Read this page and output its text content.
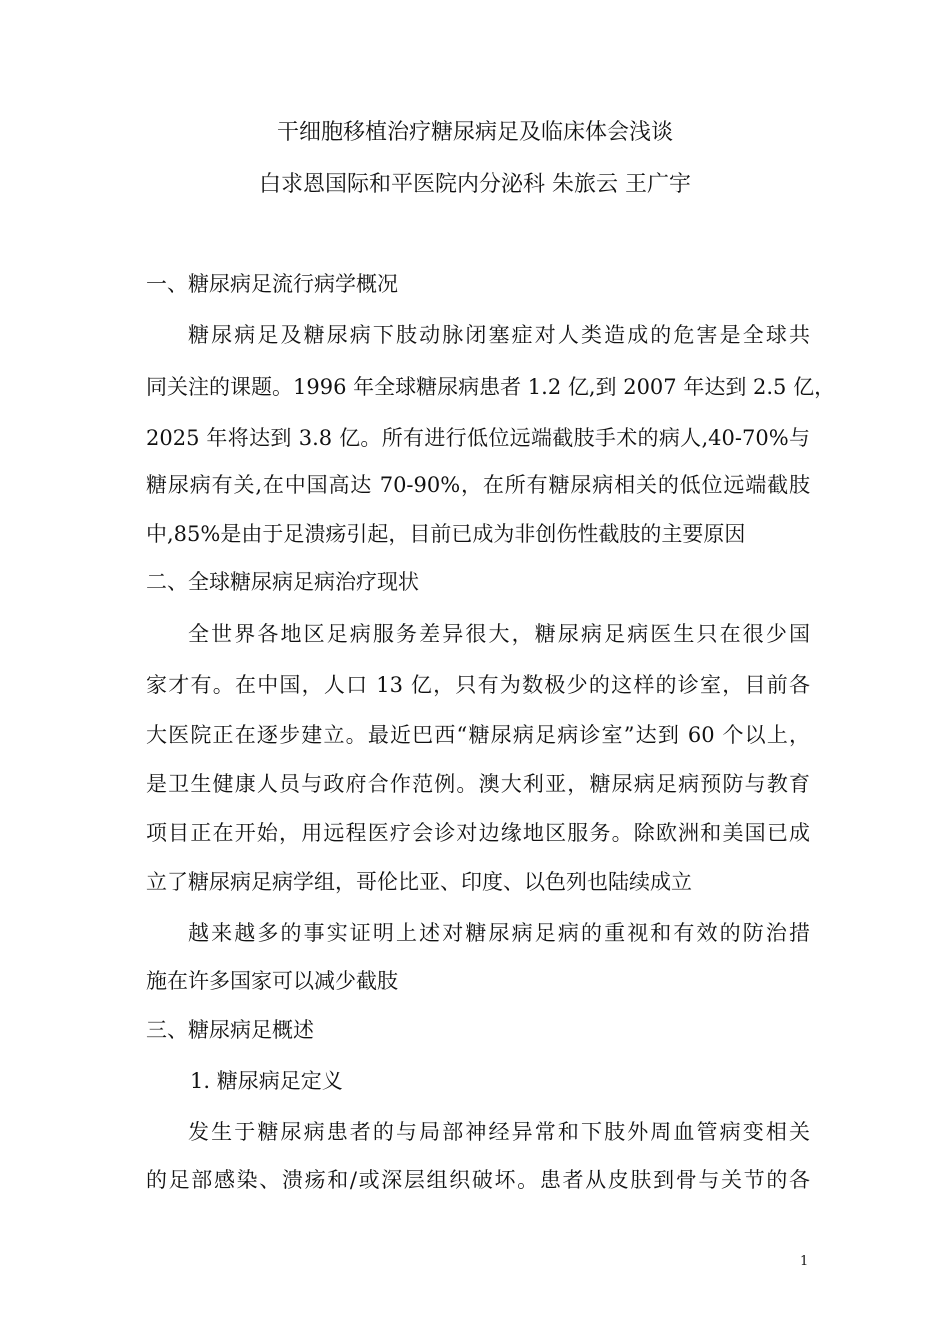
干细胞移植治疗糖尿病足及临床体会浅谈
白求恩国际和平医院内分泌科 朱旅云 王广宇
一、糖尿病足流行病学概况
糖尿病足及糖尿病下肢动脉闭塞症对人类造成的危害是全球共
同关注的课题。1996 年全球糖尿病患者 1.2 亿,到 2007 年达到 2.5 亿，
2025 年将达到 3.8 亿。所有进行低位远端截肢手术的病人,40-70%与
糖尿病有关,在中国高达 70-90%，在所有糖尿病相关的低位远端截肢
中,85%是由于足溃疡引起，目前已成为非创伤性截肢的主要原因
二、全球糖尿病足病治疗现状
全世界各地区足病服务差异很大，糖尿病足病医生只在很少国
家才有。在中国，人口 13 亿，只有为数极少的这样的诊室，目前各
大医院正在逐步建立。最近巴西“糖尿病足病诊室”达到 60 个以上，
是卫生健康人员与政府合作范例。澳大利亚，糖尿病足病预防与教育
项目正在开始，用远程医疗会诊对边缘地区服务。除欧洲和美国已成
立了糖尿病足病学组，哥伦比亚、印度、以色列也陆续成立
越来越多的事实证明上述对糖尿病足病的重视和有效的防治措
施在许多国家可以减少截肢
三、糖尿病足概述
1. 糖尿病足定义
发生于糖尿病患者的与局部神经异常和下肢外周血管病变相关
的足部感染、溃疡和/或深层组织破坏。患者从皮肤到骨与关节的各
1
